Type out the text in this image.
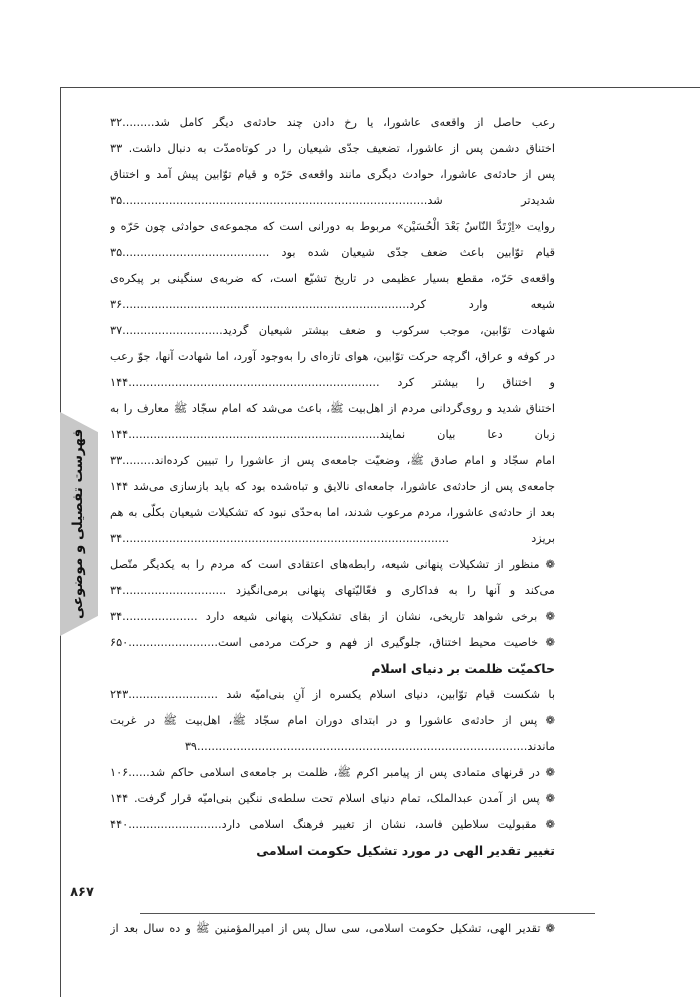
فهرست تفصیلی و موضوعی
۸۶۷
رعب حاصل از واقعه‌ی عاشورا، یا رخ دادن چند حادثه‌ی دیگر کامل شد.........۳۲
اختناق دشمن پس از عاشورا، تضعیف جدّی شیعیان را در کوتاه‌مدّت به دنبال داشت. ۳۳
پس از حادثه‌ی عاشورا، حوادث دیگری مانند واقعه‌ی حَرّه و قیام توّابین پیش آمد و اختناق
شدیدتر شد.....................................................................................۳۵
روایت «اِرْتَدَّ النّاسُ بَعْدَ الْحُسَیْن» مربوط به دورانی است که مجموعه‌ی حوادثی چون حَرّه و
قیام توّابین باعث ضعف جدّی شیعیان شده بود .........................................۳۵
واقعه‌ی حَرّه، مقطع بسیار عظیمی در تاریخ تشیّع است، که ضربه‌ی سنگینی بر پیکره‌ی
شیعه وارد کرد................................................................................۳۶
شهادت توّابین، موجب سرکوب و ضعف بیشتر شیعیان گردید............................۳۷
در کوفه و عراق، اگرچه حرکت توّابین، هوای تازه‌ای را به‌وجود آورد، اما شهادت آنها، جوّ رعب
و اختناق را بیشتر کرد ......................................................................۱۴۴
اختناق شدید و روی‌گردانی مردم از اهل‌بیت ﷺ، باعث می‌شد که امام سجّاد ﷺ معارف را به
زبان دعا بیان نمایند......................................................................۱۴۴
امام سجّاد و امام صادق ﷺ، وضعیّت جامعه‌ی پس از عاشورا را تبیین کرده‌اند.........۳۳
جامعه‌ی پس از حادثه‌ی عاشورا، جامعه‌ای نالایق و تباه‌شده بود که باید بازسازی می‌شد ۱۴۴
بعد از حادثه‌ی عاشورا، مردم مرعوب شدند، اما به‌حدّی نبود که تشکیلات شیعیان بکلّی به هم
بریزد ...........................................................................................۳۴
❁ منظور از تشکیلات پنهانی شیعه، رابطه‌های اعتقادی است که مردم را به یکدیگر متّصل
می‌کند و آنها را به فداکاری و فعّالیّتهای پنهانی برمی‌انگیزد .............................۳۴
❁ برخی شواهد تاریخی، نشان از بقای تشکیلات پنهانی شیعه دارد .....................۳۴
❁ خاصیت محیط اختناق، جلوگیری از فهم و حرکت مردمی است.........................۶۵۰
حاکمیّت ظلمت بر دنیای اسلام
با شکست قیام توّابین، دنیای اسلام یکسره از آنِ بنی‌امیّه شد .........................۲۴۳
❁ پس از حادثه‌ی عاشورا و در ابتدای دوران امام سجّاد ﷺ، اهل‌بیت ﷺ در غربت
ماندند............................................................................................۳۹
❁ در قرنهای متمادی پس از پیامبر اکرم ﷺ، ظلمت بر جامعه‌ی اسلامی حاکم شد......۱۰۶
❁ پس از آمدن عبدالملک، تمام دنیای اسلام تحت سلطه‌ی ننگین بنی‌امیّه قرار گرفت. ۱۴۴
❁ مقبولیت سلاطین فاسد، نشان از تغییر فرهنگ اسلامی دارد..........................۴۴۰
تغییر تقدیر الهی در مورد تشکیل حکومت اسلامی
❁ تقدیر الهی، تشکیل حکومت اسلامی، سی سال پس از امیرالمؤمنین ﷺ و ده سال بعد از
